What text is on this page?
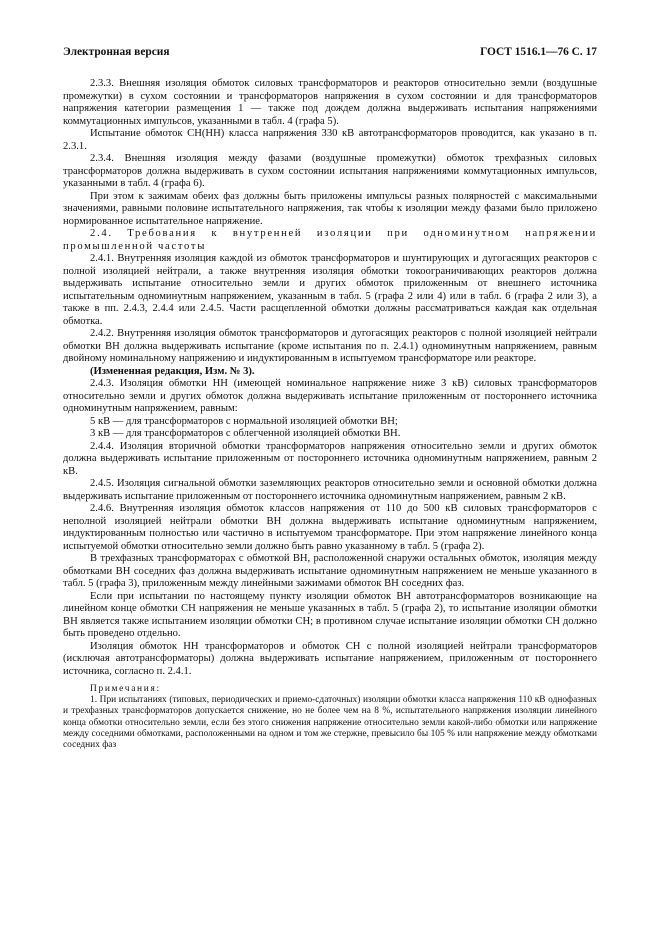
Электронная версия	ГОСТ 1516.1—76 С. 17

2.3.3. Внешняя изоляция обмоток силовых трансформаторов и реакторов относительно земли (воздушные промежутки) в сухом состоянии и трансформаторов напряжения в сухом состоянии и для трансформаторов напряжения категории размещения 1 — также под дождем должна выдерживать испытания напряжениями коммутационных импульсов, указанными в табл. 4 (графа 5).

Испытание обмоток СН(НН) класса напряжения 330 кВ автотрансформаторов проводится, как указано в п. 2.3.1.

2.3.4. Внешняя изоляция между фазами (воздушные промежутки) обмоток трехфазных силовых трансформаторов должна выдерживать в сухом состоянии испытания напряжениями коммутационных импульсов, указанными в табл. 4 (графа 6).

При этом к зажимам обеих фаз должны быть приложены импульсы разных полярностей с максимальными значениями, равными половине испытательного напряжения, так чтобы к изоляции между фазами было приложено нормированное испытательное напряжение.

2.4. Требования к внутренней изоляции при одноминутном напряжении промышленной частоты

2.4.1. Внутренняя изоляция каждой из обмоток трансформаторов и шунтирующих и дугогасящих реакторов с полной изоляцией нейтрали, а также внутренняя изоляция обмотки токоограничивающих реакторов должна выдерживать испытание относительно земли и других обмоток приложенным от внешнего источника испытательным одноминутным напряжением, указанным в табл. 5 (графа 2 или 4) или в табл. 6 (графа 2 или 3), а также в пп. 2.4.3, 2.4.4 или 2.4.5. Части расщепленной обмотки должны рассматриваться каждая как отдельная обмотка.

2.4.2. Внутренняя изоляция обмоток трансформаторов и дугогасящих реакторов с полной изоляцией нейтрали обмотки ВН должна выдерживать испытание (кроме испытания по п. 2.4.1) одноминутным напряжением, равным двойному номинальному напряжению и индуктированным в испытуемом трансформаторе или реакторе.

(Измененная редакция, Изм. № 3).

2.4.3. Изоляция обмотки НН (имеющей номинальное напряжение ниже 3 кВ) силовых трансформаторов относительно земли и других обмоток должна выдерживать испытание приложенным от постороннего источника одноминутным напряжением, равным:

5 кВ — для трансформаторов с нормальной изоляцией обмотки ВН;

3 кВ — для трансформаторов с облегченной изоляцией обмотки ВН.

2.4.4. Изоляция вторичной обмотки трансформаторов напряжения относительно земли и других обмоток должна выдерживать испытание приложенным от постороннего источника одноминутным напряжением, равным 2 кВ.

2.4.5. Изоляция сигнальной обмотки заземляющих реакторов относительно земли и основной обмотки должна выдерживать испытание приложенным от постороннего источника одноминутным напряжением, равным 2 кВ.

2.4.6. Внутренняя изоляция обмоток классов напряжения от 110 до 500 кВ силовых трансформаторов с неполной изоляцией нейтрали обмотки ВН должна выдерживать испытание одноминутным напряжением, индуктированным полностью или частично в испытуемом трансформаторе. При этом напряжение линейного конца испытуемой обмотки относительно земли должно быть равно указанному в табл. 5 (графа 2).

В трехфазных трансформаторах с обмоткой ВН, расположенной снаружи остальных обмоток, изоляция между обмотками ВН соседних фаз должна выдерживать испытание одноминутным напряжением не меньше указанного в табл. 5 (графа 3), приложенным между линейными зажимами обмоток ВН соседних фаз.

Если при испытании по настоящему пункту изоляции обмоток ВН автотрансформаторов возникающие на линейном конце обмотки СН напряжения не меньше указанных в табл. 5 (графа 2), то испытание изоляции обмотки ВН является также испытанием изоляции обмотки СН; в противном случае испытание изоляции обмотки СН должно быть проведено отдельно.

Изоляция обмоток НН трансформаторов и обмоток СН с полной изоляцией нейтрали трансформаторов (исключая автотрансформаторы) должна выдерживать испытание напряжением, приложенным от постороннего источника, согласно п. 2.4.1.

Примечания:

1. При испытаниях (типовых, периодических и приемо-сдаточных) изоляции обмотки класса напряжения 110 кВ однофазных и трехфазных трансформаторов допускается снижение, но не более чем на 8 %, испытательного напряжения изоляции линейного конца обмотки относительно земли, если без этого снижения напряжение относительно земли какой-либо обмотки или напряжение между соседними обмотками, расположенными на одном и том же стержне, превысило бы 105 % или напряжение между обмотками соседних фаз
